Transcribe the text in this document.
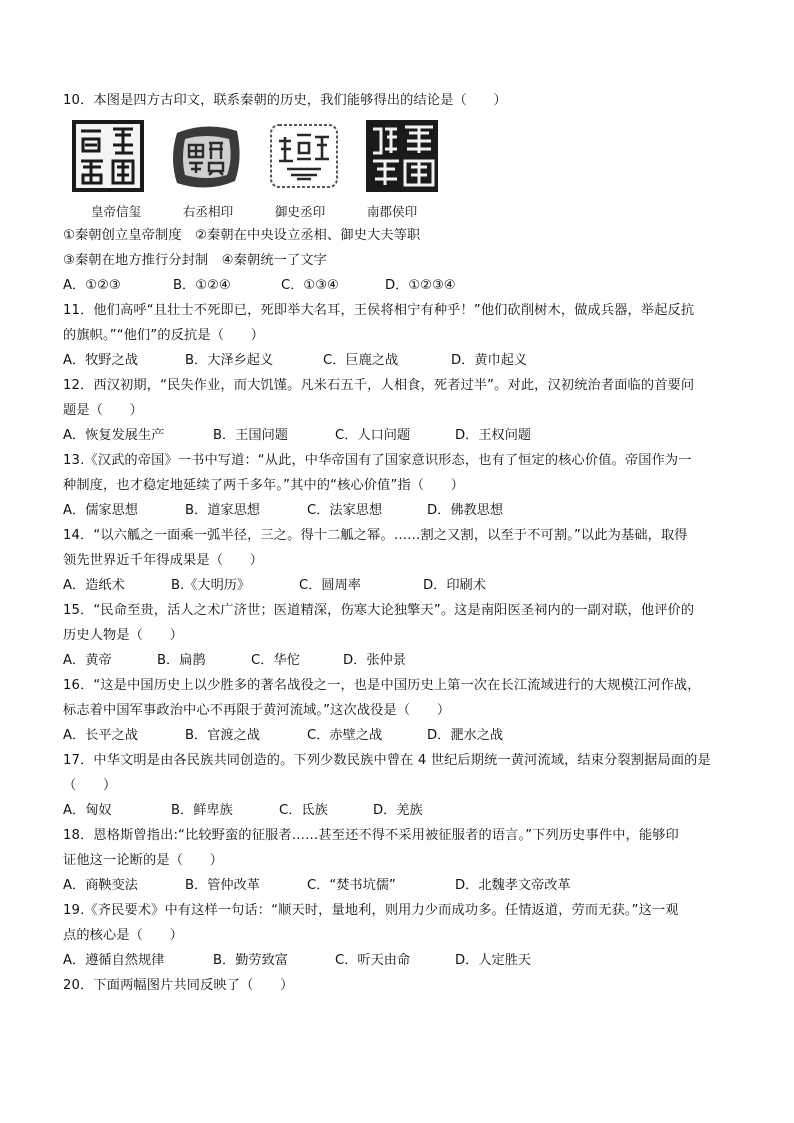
10．本图是四方古印文，联系秦朝的历史，我们能够得出的结论是（　　）
皇帝信玺	右丞相印	御史丞印	南郡侯印
①秦朝创立皇帝制度　②秦朝在中央设立丞相、御史大夫等职
③秦朝在地方推行分封制　④秦朝统一了文字
A．①②③	B．①②④	C．①③④	D．①②③④
11．他们高呼“且壮士不死即已，死即举大名耳，王侯将相宁有种乎！”他们砍削树木，做成兵器，举起反抗
的旗帜。”“他们”的反抗是（　　）
A．牧野之战	B．大泽乡起义	C．巨鹿之战	D．黄巾起义
12．西汉初期，“民失作业，而大饥馑。凡米石五千，人相食，死者过半”。对此，汉初统治者面临的首要问
题是（　　）
A．恢复发展生产	B．王国问题	C．人口问题	D．王权问题
13.《汉武的帝国》一书中写道：“从此，中华帝国有了国家意识形态，也有了恒定的核心价值。帝国作为一
种制度，也才稳定地延续了两千多年。”其中的“核心价值”指（　　）
A．儒家思想	B．道家思想	C．法家思想	D．佛教思想
14．“以六觚之一面乘一弧半径，三之。得十二觚之幂。……割之又割，以至于不可割。”以此为基础，取得
领先世界近千年得成果是（　　）
A．造纸术	B.《大明历》	C．圆周率	D．印刷术
15．“民命至贵，活人之术广济世；医道精深，伤寒大论独擎天”。这是南阳医圣祠内的一副对联，他评价的
历史人物是（　　）
A．黄帝	B．扁鹊	C．华佗	D．张仲景
16．“这是中国历史上以少胜多的著名战役之一，也是中国历史上第一次在长江流域进行的大规模江河作战，
标志着中国军事政治中心不再限于黄河流域。”这次战役是（　　）
A．长平之战	B．官渡之战	C．赤壁之战	D．淝水之战
17．中华文明是由各民族共同创造的。下列少数民族中曾在 4 世纪后期统一黄河流域，结束分裂割据局面的是
（　　）
A．匈奴	B．鲜卑族	C．氐族	D．羌族
18．恩格斯曾指出:“比较野蛮的征服者……甚至还不得不采用被征服者的语言。”下列历史事件中，能够印
证他这一论断的是（　　）
A．商鞅变法	B．管仲改革	C．“焚书坑儒”	D．北魏孝文帝改革
19.《齐民要术》中有这样一句话：“顺天时，量地利，则用力少而成功多。任情返道，劳而无获。”这一观
点的核心是（　　）
A．遵循自然规律	B．勤劳致富	C．听天由命	D．人定胜天
20．下面两幅图片共同反映了（　　）
